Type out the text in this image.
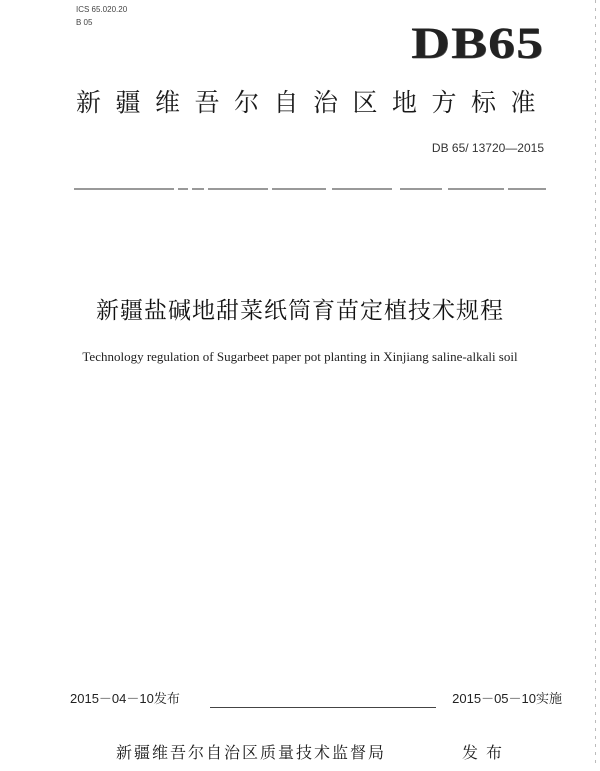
ICS 65.020.20
B 05	DB65
新疆维吾尔自治区地方标准
DB 65/ 13720—2015
新疆盐碱地甜菜纸筒育苗定植技术规程
Technology regulation of Sugarbeet paper pot planting in Xinjiang saline-alkali soil
2015－04－10发布	2015－05－10实施
新疆维吾尔自治区质量技术监督局	发布
